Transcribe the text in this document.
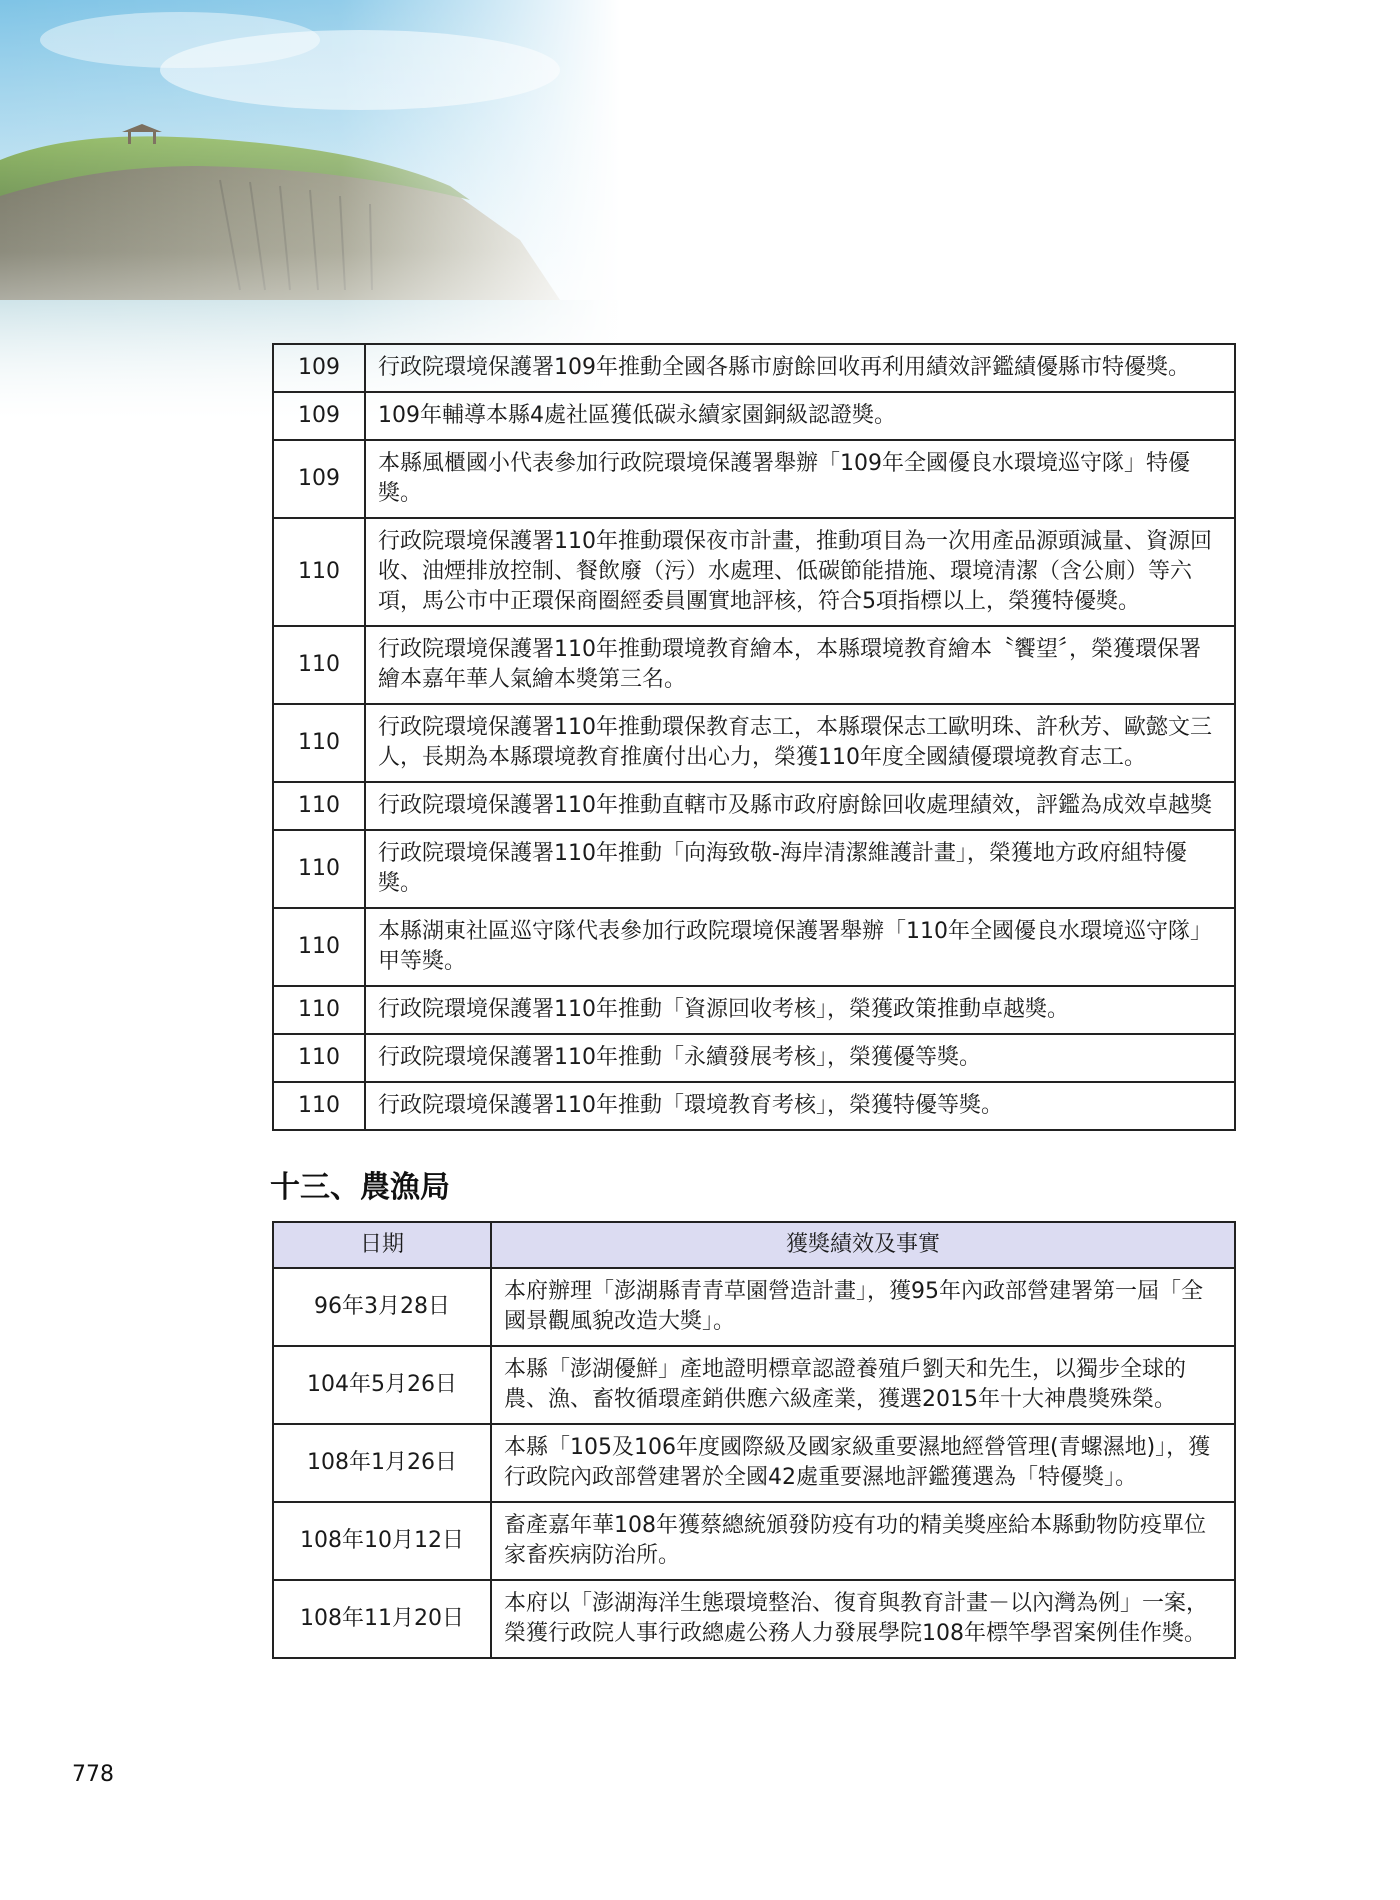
109	行政院環境保護署109年推動全國各縣市廚餘回收再利用績效評鑑績優縣市特優獎。
109	109年輔導本縣4處社區獲低碳永續家園銅級認證獎。
109	本縣風櫃國小代表參加行政院環境保護署舉辦「109年全國優良水環境巡守隊」特優獎。
110	行政院環境保護署110年推動環保夜市計畫，推動項目為一次用產品源頭減量、資源回收、油煙排放控制、餐飲廢（污）水處理、低碳節能措施、環境清潔（含公廁）等六項，馬公市中正環保商圈經委員團實地評核，符合5項指標以上，榮獲特優獎。
110	行政院環境保護署110年推動環境教育繪本，本縣環境教育繪本〝饗望〞，榮獲環保署繪本嘉年華人氣繪本獎第三名。
110	行政院環境保護署110年推動環保教育志工，本縣環保志工歐明珠、許秋芳、歐懿文三人，長期為本縣環境教育推廣付出心力，榮獲110年度全國績優環境教育志工。
110	行政院環境保護署110年推動直轄市及縣市政府廚餘回收處理績效，評鑑為成效卓越獎
110	行政院環境保護署110年推動「向海致敬-海岸清潔維護計畫」，榮獲地方政府組特優獎。
110	本縣湖東社區巡守隊代表參加行政院環境保護署舉辦「110年全國優良水環境巡守隊」甲等獎。
110	行政院環境保護署110年推動「資源回收考核」，榮獲政策推動卓越獎。
110	行政院環境保護署110年推動「永續發展考核」，榮獲優等獎。
110	行政院環境保護署110年推動「環境教育考核」，榮獲特優等獎。
十三、農漁局
日期	獲獎績效及事實
96年3月28日	本府辦理「澎湖縣青青草園營造計畫」，獲95年內政部營建署第一屆「全國景觀風貌改造大獎」。
104年5月26日	本縣「澎湖優鮮」產地證明標章認證養殖戶劉天和先生，以獨步全球的農、漁、畜牧循環產銷供應六級產業，獲選2015年十大神農獎殊榮。
108年1月26日	本縣「105及106年度國際級及國家級重要濕地經營管理(青螺濕地)」，獲行政院內政部營建署於全國42處重要濕地評鑑獲選為「特優獎」。
108年10月12日	畜產嘉年華108年獲蔡總統頒發防疫有功的精美獎座給本縣動物防疫單位家畜疾病防治所。
108年11月20日	本府以「澎湖海洋生態環境整治、復育與教育計畫－以內灣為例」一案，榮獲行政院人事行政總處公務人力發展學院108年標竿學習案例佳作獎。
778
